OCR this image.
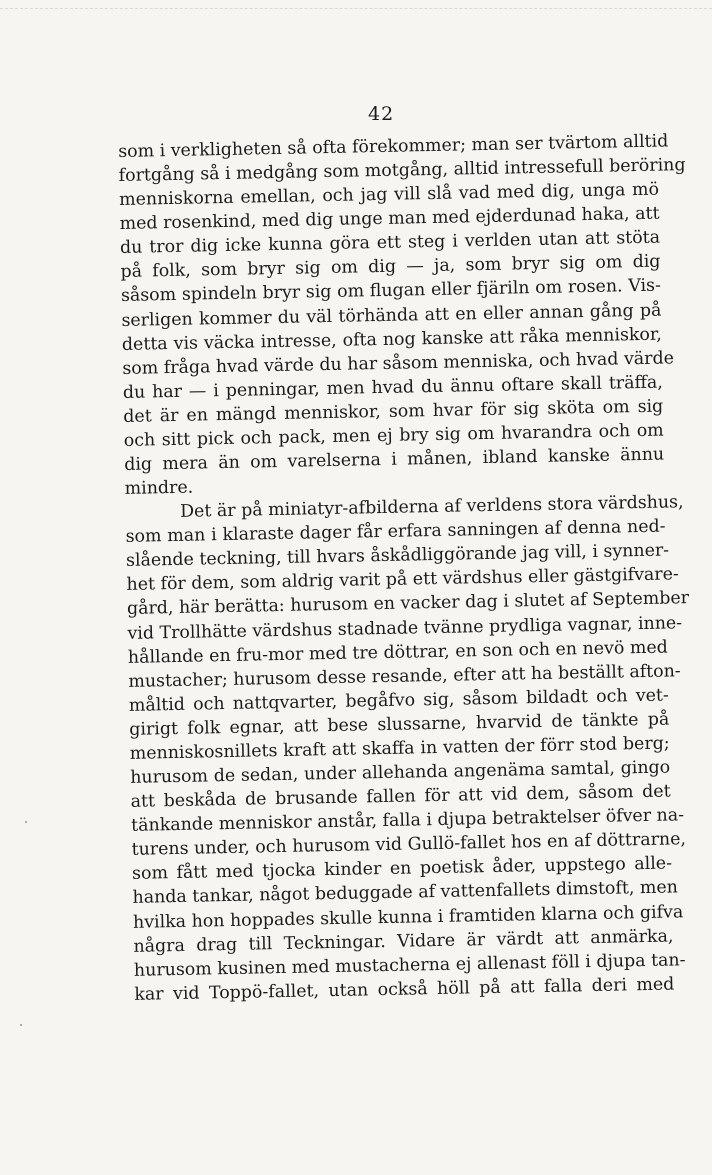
42
som i verkligheten så ofta förekommer; man ser tvärtom alltid
fortgång så i medgång som motgång, alltid intressefull beröring
menniskorna emellan, och jag vill slå vad med dig, unga mö
med rosenkind, med dig unge man med ejderdunad haka, att
du tror dig icke kunna göra ett steg i verlden utan att stöta
på folk, som bryr sig om dig — ja, som bryr sig om dig
såsom spindeln bryr sig om flugan eller fjäriln om rosen. Vis-
serligen kommer du väl törhända att en eller annan gång på
detta vis väcka intresse, ofta nog kanske att råka menniskor,
som fråga hvad värde du har såsom menniska, och hvad värde
du har — i penningar, men hvad du ännu oftare skall träffa,
det är en mängd menniskor, som hvar för sig sköta om sig
och sitt pick och pack, men ej bry sig om hvarandra och om
dig mera än om varelserna i månen, ibland kanske ännu
mindre.
Det är på miniatyr-afbilderna af verldens stora värdshus,
som man i klaraste dager får erfara sanningen af denna ned-
slående teckning, till hvars åskådliggörande jag vill, i synner-
het för dem, som aldrig varit på ett värdshus eller gästgifvare-
gård, här berätta: hurusom en vacker dag i slutet af September
vid Trollhätte värdshus stadnade tvänne prydliga vagnar, inne-
hållande en fru-mor med tre döttrar, en son och en nevö med
mustacher; hurusom desse resande, efter att ha beställt afton-
måltid och nattqvarter, begåfvo sig, såsom bildadt och vet-
girigt folk egnar, att bese slussarne, hvarvid de tänkte på
menniskosnillets kraft att skaffa in vatten der förr stod berg;
hurusom de sedan, under allehanda angenäma samtal, gingo
att beskåda de brusande fallen för att vid dem, såsom det
tänkande menniskor anstår, falla i djupa betraktelser öfver na-
turens under, och hurusom vid Gullö-fallet hos en af döttrarne,
som fått med tjocka kinder en poetisk åder, uppstego alle-
handa tankar, något beduggade af vattenfallets dimstoft, men
hvilka hon hoppades skulle kunna i framtiden klarna och gifva
några drag till Teckningar. Vidare är värdt att anmärka,
hurusom kusinen med mustacherna ej allenast föll i djupa tan-
kar vid Toppö-fallet, utan också höll på att falla deri med
